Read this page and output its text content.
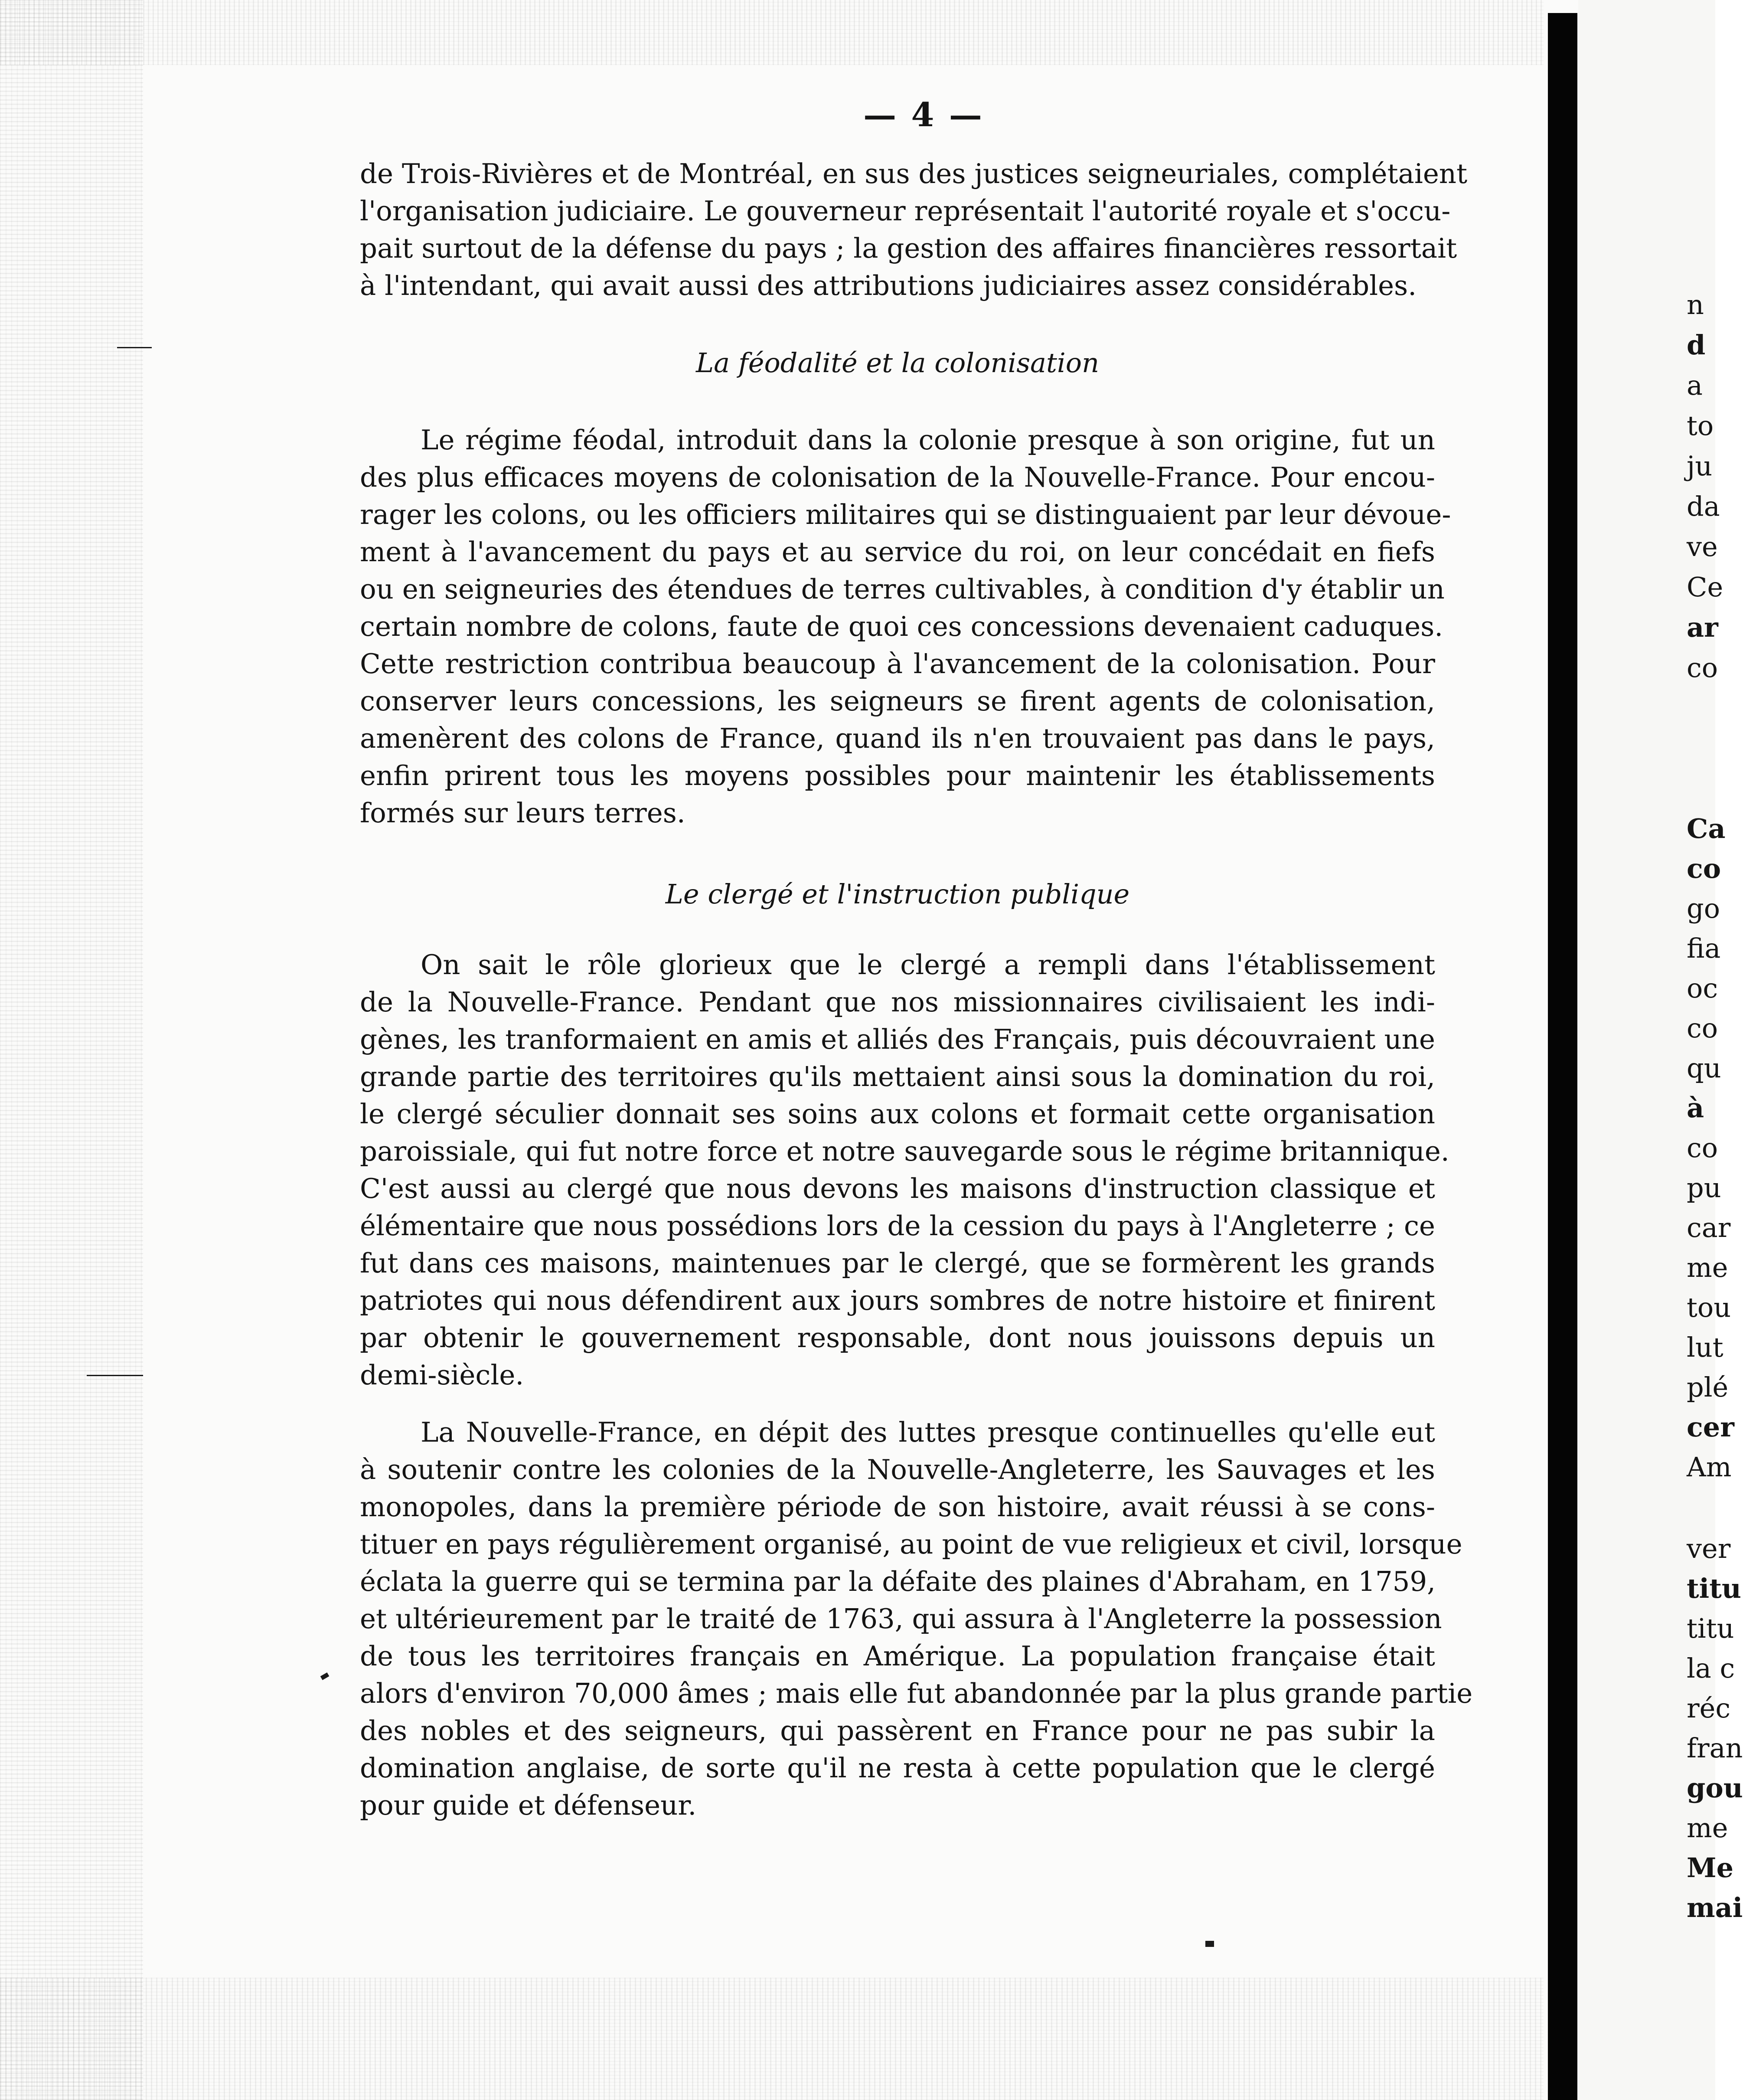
— 4 —
de Trois-Rivières et de Montréal, en sus des justices seigneuriales, complétaient
l'organisation judiciaire. Le gouverneur représentait l'autorité royale et s'occu-
pait surtout de la défense du pays ; la gestion des affaires financières ressortait
à l'intendant, qui avait aussi des attributions judiciaires assez considérables.
La féodalité et la colonisation
Le régime féodal, introduit dans la colonie presque à son origine, fut un
des plus efficaces moyens de colonisation de la Nouvelle-France. Pour encou-
rager les colons, ou les officiers militaires qui se distinguaient par leur dévoue-
ment à l'avancement du pays et au service du roi, on leur concédait en fiefs
ou en seigneuries des étendues de terres cultivables, à condition d'y établir un
certain nombre de colons, faute de quoi ces concessions devenaient caduques.
Cette restriction contribua beaucoup à l'avancement de la colonisation. Pour
conserver leurs concessions, les seigneurs se firent agents de colonisation,
amenèrent des colons de France, quand ils n'en trouvaient pas dans le pays,
enfin prirent tous les moyens possibles pour maintenir les établissements
formés sur leurs terres.
Le clergé et l'instruction publique
On sait le rôle glorieux que le clergé a rempli dans l'établissement
de la Nouvelle-France. Pendant que nos missionnaires civilisaient les indi-
gènes, les tranformaient en amis et alliés des Français, puis découvraient une
grande partie des territoires qu'ils mettaient ainsi sous la domination du roi,
le clergé séculier donnait ses soins aux colons et formait cette organisation
paroissiale, qui fut notre force et notre sauvegarde sous le régime britannique.
C'est aussi au clergé que nous devons les maisons d'instruction classique et
élémentaire que nous possédions lors de la cession du pays à l'Angleterre ; ce
fut dans ces maisons, maintenues par le clergé, que se formèrent les grands
patriotes qui nous défendirent aux jours sombres de notre histoire et finirent
par obtenir le gouvernement responsable, dont nous jouissons depuis un
demi-siècle.
La Nouvelle-France, en dépit des luttes presque continuelles qu'elle eut
à soutenir contre les colonies de la Nouvelle-Angleterre, les Sauvages et les
monopoles, dans la première période de son histoire, avait réussi à se cons-
tituer en pays régulièrement organisé, au point de vue religieux et civil, lorsque
éclata la guerre qui se termina par la défaite des plaines d'Abraham, en 1759,
et ultérieurement par le traité de 1763, qui assura à l'Angleterre la possession
de tous les territoires français en Amérique. La population française était
alors d'environ 70,000 âmes ; mais elle fut abandonnée par la plus grande partie
des nobles et des seigneurs, qui passèrent en France pour ne pas subir la
domination anglaise, de sorte qu'il ne resta à cette population que le clergé
pour guide et défenseur.
n
d
a
to
ju
da
ve
Ce
ar
co
Ca
co
go
fia
oc
co
qu
à
co
pu
car
me
tou
lut
plé
cer
Am
ver
titu
titu
la c
réc
fran
gou
me
Me
mai
